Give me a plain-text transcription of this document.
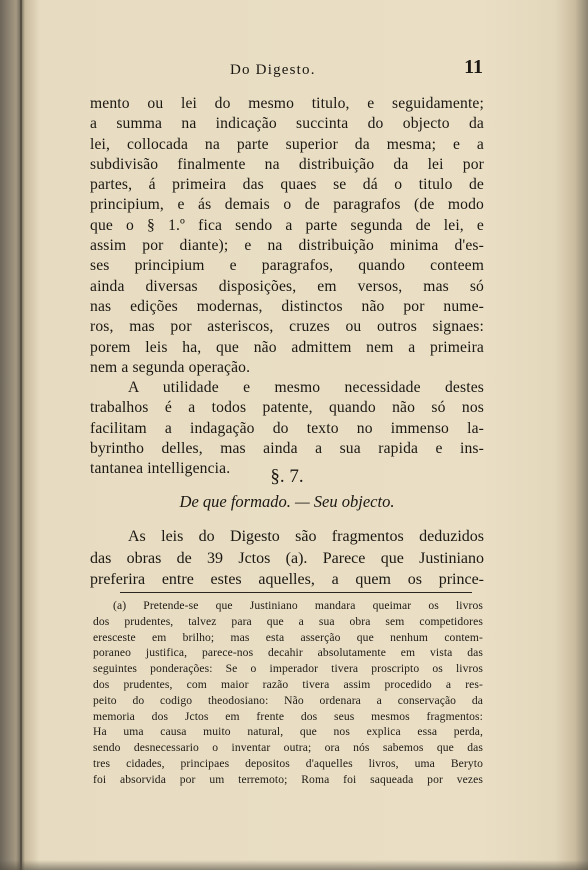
Do Digesto.	11
mento ou lei do mesmo titulo, e seguidamente;
a summa na indicação succinta do objecto da
lei, collocada na parte superior da mesma; e a
subdivisão finalmente na distribuição da lei por
partes, á primeira das quaes se dá o titulo de
principium, e ás demais o de paragrafos (de modo
que o § 1.º fica sendo a parte segunda de lei, e
assim por diante); e na distribuição minima d'es-
ses principium e paragrafos, quando conteem
ainda diversas disposições, em versos, mas só
nas edições modernas, distinctos não por nume-
ros, mas por asteriscos, cruzes ou outros signaes:
porem leis ha, que não admittem nem a primeira
nem a segunda operação.
A utilidade e mesmo necessidade destes
trabalhos é a todos patente, quando não só nos
facilitam a indagação do texto no immenso la-
byrintho delles, mas ainda a sua rapida e ins-
tantanea intelligencia.	§. 7.
De que formado. — Seu objecto.
As leis do Digesto são fragmentos deduzidos
das obras de 39 Jctos (a). Parece que Justiniano
preferira entre estes aquelles, a quem os prince-
(a) Pretende-se que Justiniano mandara queimar os livros
dos prudentes, talvez para que a sua obra sem competidores
eresceste em brilho; mas esta asserção que nenhum contem-
poraneo justifica, parece-nos decahir absolutamente em vista das
seguintes ponderações: Se o imperador tivera proscripto os livros
dos prudentes, com maior razão tivera assim procedido a res-
peito do codigo theodosiano: Não ordenara a conservação da
memoria dos Jctos em frente dos seus mesmos fragmentos:
Ha uma causa muito natural, que nos explica essa perda,
sendo desnecessario o inventar outra; ora nós sabemos que das
tres cidades, principaes depositos d'aquelles livros, uma Beryto
foi absorvida por um terremoto; Roma foi saqueada por vezes
